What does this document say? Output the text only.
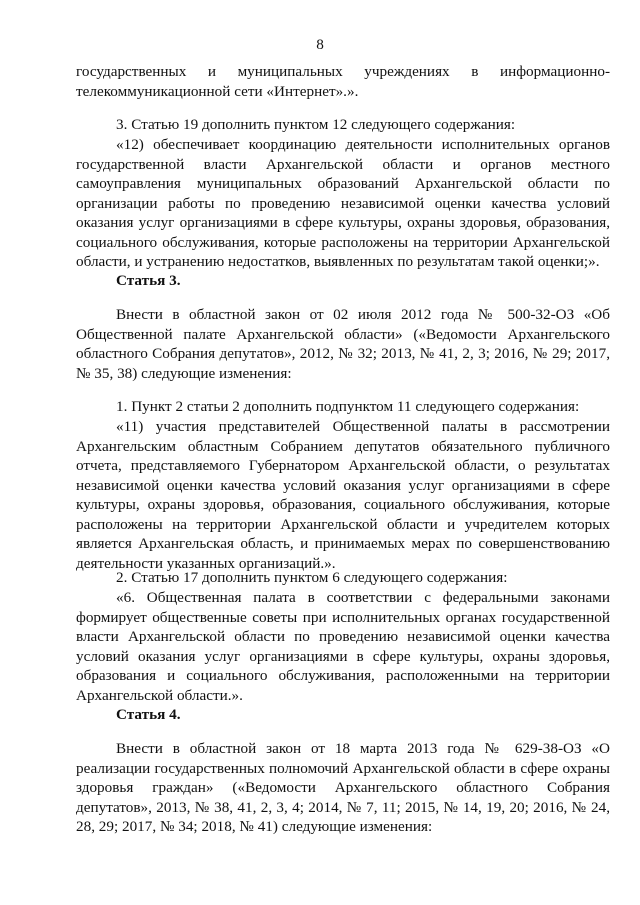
8

государственных и муниципальных учреждениях в информационно-телекоммуникационной сети «Интернет».».

3. Статью 19 дополнить пунктом 12 следующего содержания:

«12) обеспечивает координацию деятельности исполнительных органов государственной власти Архангельской области и органов местного самоуправления муниципальных образований Архангельской области по организации работы по проведению независимой оценки качества условий оказания услуг организациями в сфере культуры, охраны здоровья, образования, социального обслуживания, которые расположены на территории Архангельской области, и устранению недостатков, выявленных по результатам такой оценки;».

Статья 3.

Внести в областной закон от 02 июля 2012 года № 500-32-ОЗ «Об Общественной палате Архангельской области» («Ведомости Архангельского областного Собрания депутатов», 2012, № 32; 2013, № 41, 2, 3; 2016, № 29; 2017, № 35, 38) следующие изменения:

1. Пункт 2 статьи 2 дополнить подпунктом 11 следующего содержания:

«11) участия представителей Общественной палаты в рассмотрении Архангельским областным Собранием депутатов обязательного публичного отчета, представляемого Губернатором Архангельской области, о результатах независимой оценки качества условий оказания услуг организациями в сфере культуры, охраны здоровья, образования, социального обслуживания, которые расположены на территории Архангельской области и учредителем которых является Архангельская область, и принимаемых мерах по совершенствованию деятельности указанных организаций.».

2. Статью 17 дополнить пунктом 6 следующего содержания:

«6. Общественная палата в соответствии с федеральными законами формирует общественные советы при исполнительных органах государственной власти Архангельской области по проведению независимой оценки качества условий оказания услуг организациями в сфере культуры, охраны здоровья, образования и социального обслуживания, расположенными на территории Архангельской области.».

Статья 4.

Внести в областной закон от 18 марта 2013 года № 629-38-ОЗ «О реализации государственных полномочий Архангельской области в сфере охраны здоровья граждан» («Ведомости Архангельского областного Собрания депутатов», 2013, № 38, 41, 2, 3, 4; 2014, № 7, 11; 2015, № 14, 19, 20; 2016, № 24, 28, 29; 2017, № 34; 2018, № 41) следующие изменения:
